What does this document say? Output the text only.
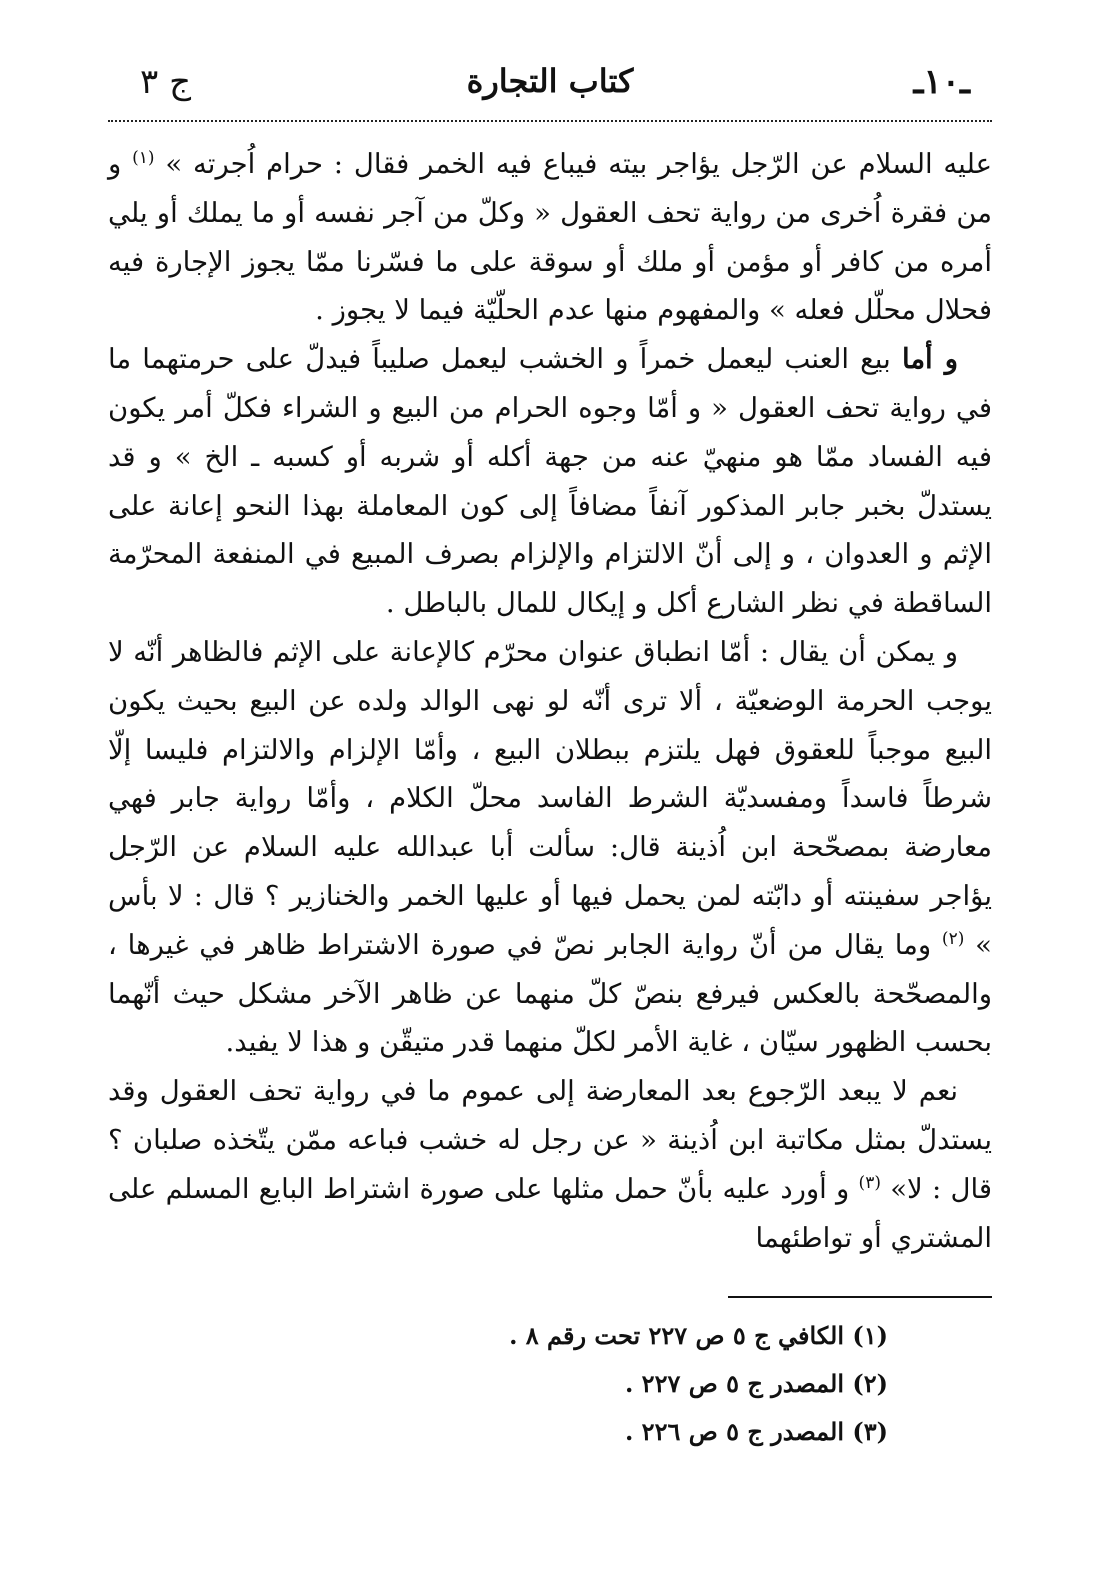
ـ١٠ـ
كتاب التجارة
ج ٣

عليه السلام عن الرّجل يؤاجر بيته فيباع فيه الخمر فقال : حرام اُجرته » $^{(١)}$ و من فقرة اُخرى من رواية تحف العقول « وكلّ من آجر نفسه أو ما يملك أو يلي أمره من كافر أو مؤمن أو ملك أو سوقة على ما فسّرنا ممّا يجوز الإجارة فيه فحلال محلّل فعله » والمفهوم منها عدم الحلّيّة فيما لا يجوز .

و أما بيع العنب ليعمل خمراً و الخشب ليعمل صليباً فيدلّ على حرمتهما ما في رواية تحف العقول « و أمّا وجوه الحرام من البيع و الشراء فكلّ أمر يكون فيه الفساد ممّا هو منهيّ عنه من جهة أكله أو شربه أو كسبه ـ الخ » و قد يستدلّ بخبر جابر المذكور آنفاً مضافاً إلى كون المعاملة بهذا النحو إعانة على الإثم و العدوان ، و إلى أنّ الالتزام والإلزام بصرف المبيع في المنفعة المحرّمة الساقطة في نظر الشارع أكل و إيكال للمال بالباطل .

و يمكن أن يقال : أمّا انطباق عنوان محرّم كالإعانة على الإثم فالظاهر أنّه لا يوجب الحرمة الوضعيّة ، ألا ترى أنّه لو نهى الوالد ولده عن البيع بحيث يكون البيع موجباً للعقوق فهل يلتزم ببطلان البيع ، وأمّا الإلزام والالتزام فليسا إلّا شرطاً فاسداً ومفسديّة الشرط الفاسد محلّ الكلام ، وأمّا رواية جابر فهي معارضة بمصحّحة ابن اُذينة قال: سألت أبا عبدالله عليه السلام عن الرّجل يؤاجر سفينته أو دابّته لمن يحمل فيها أو عليها الخمر والخنازير ؟ قال : لا بأس » $^{(٢)}$ وما يقال من أنّ رواية الجابر نصّ في صورة الاشتراط ظاهر في غيرها ، والمصحّحة بالعكس فيرفع بنصّ كلّ منهما عن ظاهر الآخر مشكل حيث أنّهما بحسب الظهور سيّان ، غاية الأمر لكلّ منهما قدر متيقّن و هذا لا يفيد.

نعم لا يبعد الرّجوع بعد المعارضة إلى عموم ما في رواية تحف العقول وقد يستدلّ بمثل مكاتبة ابن اُذينة « عن رجل له خشب فباعه ممّن يتّخذه صلبان ؟ قال : لا» $^{(٣)}$ و أورد عليه بأنّ حمل مثلها على صورة اشتراط البايع المسلم على المشتري أو تواطئهما

(١) الكافي ج ٥ ص ٢٢٧ تحت رقم ٨ .
(٢) المصدر ج ٥ ص ٢٢٧ .
(٣) المصدر ج ٥ ص ٢٢٦ .
